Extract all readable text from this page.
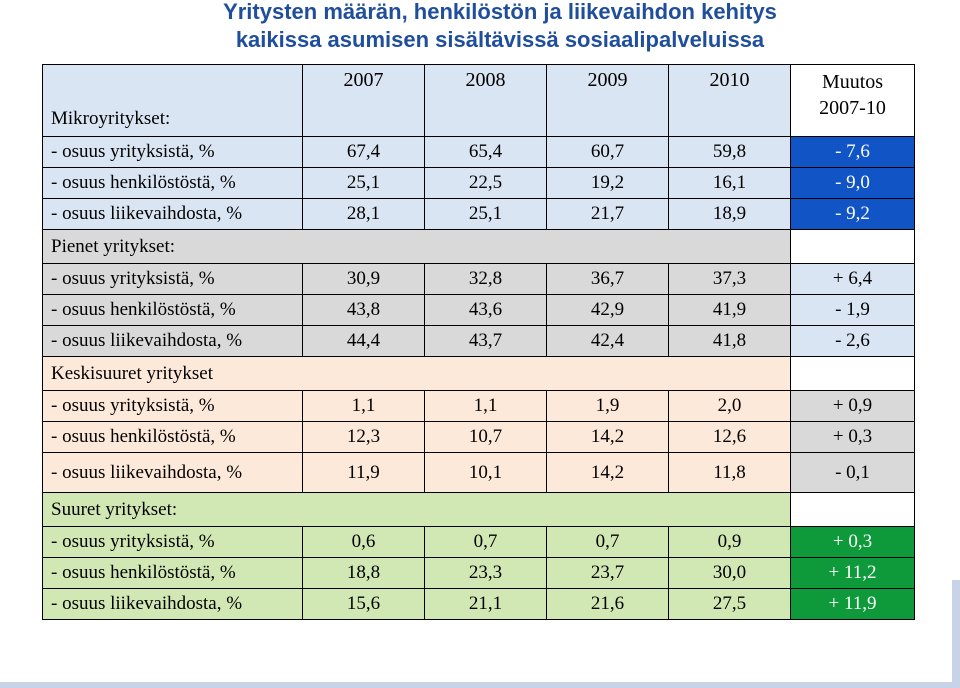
Yritysten määrän, henkilöstön ja liikevaihdon kehitys
kaikissa asumisen sisältävissä sosiaalipalveluissa
Mikroyritykset:	2007	2008	2009	2010	Muutos
2007-10
- osuus yrityksistä, %	67,4	65,4	60,7	59,8	- 7,6
- osuus henkilöstöstä, %	25,1	22,5	19,2	16,1	- 9,0
- osuus liikevaihdosta, %	28,1	25,1	21,7	18,9	- 9,2
Pienet yritykset:					
- osuus yrityksistä, %	30,9	32,8	36,7	37,3	+ 6,4
- osuus henkilöstöstä, %	43,8	43,6	42,9	41,9	- 1,9
- osuus liikevaihdosta, %	44,4	43,7	42,4	41,8	- 2,6
Keskisuuret yritykset					
- osuus yrityksistä, %	1,1	1,1	1,9	2,0	+ 0,9
- osuus henkilöstöstä, %	12,3	10,7	14,2	12,6	+ 0,3
- osuus liikevaihdosta, %	11,9	10,1	14,2	11,8	- 0,1
Suuret yritykset:					
- osuus yrityksistä, %	0,6	0,7	0,7	0,9	+ 0,3
- osuus henkilöstöstä, %	18,8	23,3	23,7	30,0	+ 11,2
- osuus liikevaihdosta, %	15,6	21,1	21,6	27,5	+ 11,9
